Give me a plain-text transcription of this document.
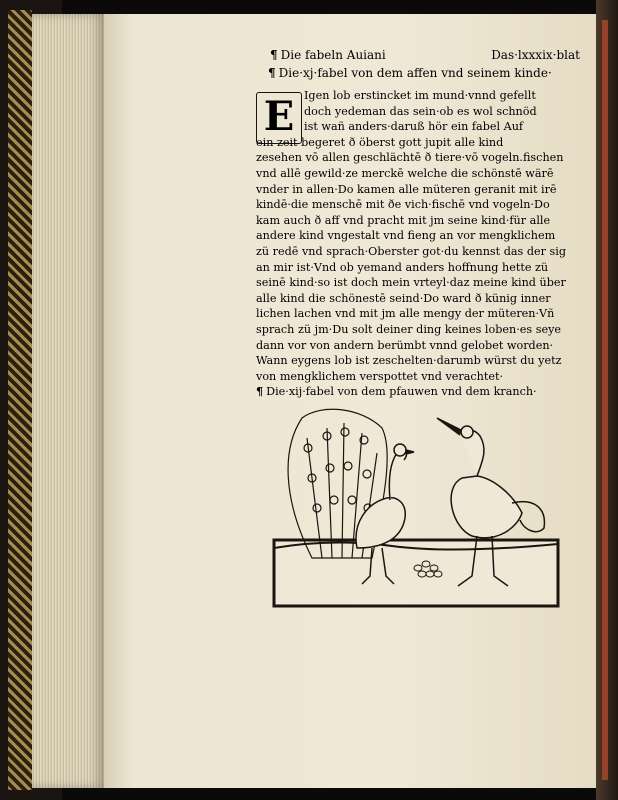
¶ Die fabeln Auiani	Das·lxxxix·blat
¶ Die·xj·fabel von dem affen vnd seinem kinde·
E Igen lob erstincket im mund·vnnd gefellt
doch yedeman das sein·ob es wol schnöd
ist wañ anders·daruß hör ein fabel Auf
ein zeit begeret ð öberst gott jupit alle kind
zesehen vō allen geschlächtē ð tiere·vō vogeln.fischen
vnd allē gewild·ze merckē welche die schönstē wärē
vnder in allen·Do kamen alle müteren geranit mit irē
kindē·die menschē mit ðe vich·fischē vnd vogeln·Do
kam auch ð aff vnd pracht mit jm seine kind·für alle
andere kind vngestalt vnd fieng an vor mengklichem
zü redē vnd sprach·Oberster got·du kennst das der sig
an mir ist·Vnd ob yemand anders hoffnung hette zü
seinē kind·so ist doch mein vrteyl·daz meine kind über
alle kind die schönestē seind·Do ward ð künig inner
lichen lachen vnd mit jm alle mengy der müteren·Vñ
sprach zü jm·Du solt deiner ding keines loben·es seye
dann vor von andern berümbt vnnd gelobet worden·
Wann eygens lob ist zeschelten·darumb würst du yetz
von mengklichem verspottet vnd verachtet·
¶ Die·xij·fabel von dem pfauwen vnd dem kranch·
